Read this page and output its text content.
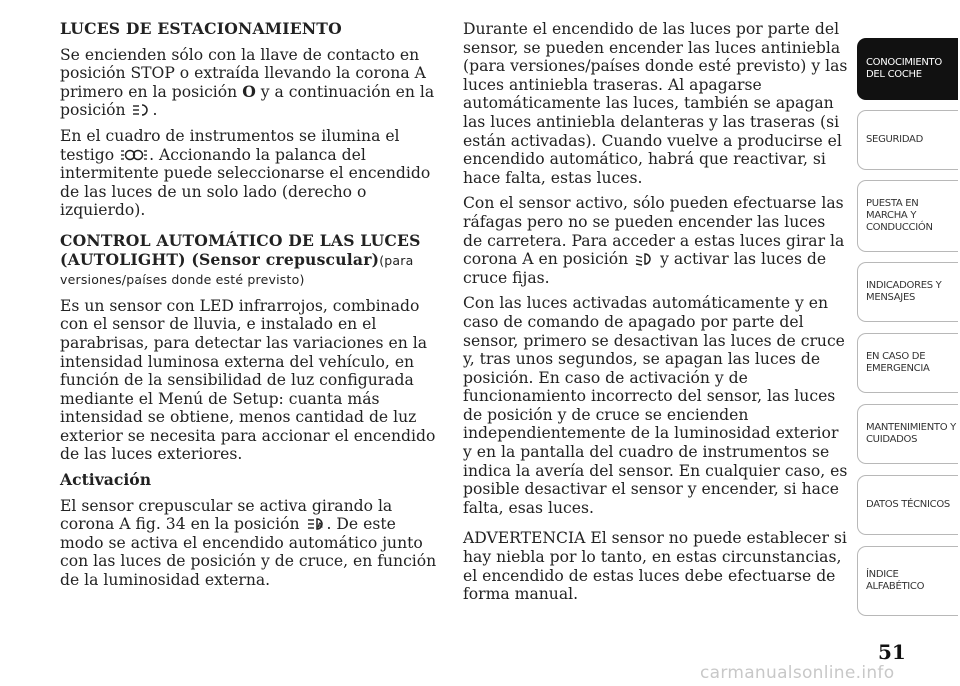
LUCES DE ESTACIONAMIENTO

Se encienden sólo con la llave de contacto en posición STOP o extraída llevando la corona A primero en la posición O y a continuación en la posición .

En el cuadro de instrumentos se ilumina el testigo . Accionando la palanca del intermitente puede seleccionarse el encendido de las luces de un solo lado (derecho o izquierdo).

CONTROL AUTOMÁTICO DE LAS LUCES (AUTOLIGHT) (Sensor crepuscular)(para versiones/países donde esté previsto)

Es un sensor con LED infrarrojos, combinado con el sensor de lluvia, e instalado en el parabrisas, para detectar las variaciones en la intensidad luminosa externa del vehículo, en función de la sensibilidad de luz configurada mediante el Menú de Setup: cuanta más intensidad se obtiene, menos cantidad de luz exterior se necesita para accionar el encendido de las luces exteriores.

Activación

El sensor crepuscular se activa girando la corona A fig. 34 en la posición A . De este modo se activa el encendido automático junto con las luces de posición y de cruce, en función de la luminosidad externa.

Durante el encendido de las luces por parte del sensor, se pueden encender las luces antiniebla (para versiones/países donde esté previsto) y las luces antiniebla traseras. Al apagarse automáticamente las luces, también se apagan las luces antiniebla delanteras y las traseras (si están activadas). Cuando vuelve a producirse el encendido automático, habrá que reactivar, si hace falta, estas luces.

Con el sensor activo, sólo pueden efectuarse las ráfagas pero no se pueden encender las luces de carretera. Para acceder a estas luces girar la corona A en posición  y activar las luces de cruce fijas.

Con las luces activadas automáticamente y en caso de comando de apagado por parte del sensor, primero se desactivan las luces de cruce y, tras unos segundos, se apagan las luces de posición. En caso de activación y de funcionamiento incorrecto del sensor, las luces de posición y de cruce se encienden independientemente de la luminosidad exterior y en la pantalla del cuadro de instrumentos se indica la avería del sensor. En cualquier caso, es posible desactivar el sensor y encender, si hace falta, esas luces.

ADVERTENCIA El sensor no puede establecer si hay niebla por lo tanto, en estas circunstancias, el encendido de estas luces debe efectuarse de forma manual.

CONOCIMIENTO
DEL COCHE
SEGURIDAD
PUESTA EN
MARCHA Y
CONDUCCIÓN
INDICADORES Y
MENSAJES
EN CASO DE
EMERGENCIA
MANTENIMIENTO Y
CUIDADOS
DATOS TÉCNICOS
ÍNDICE
ALFABÉTICO
51
carmanualsonline.info
